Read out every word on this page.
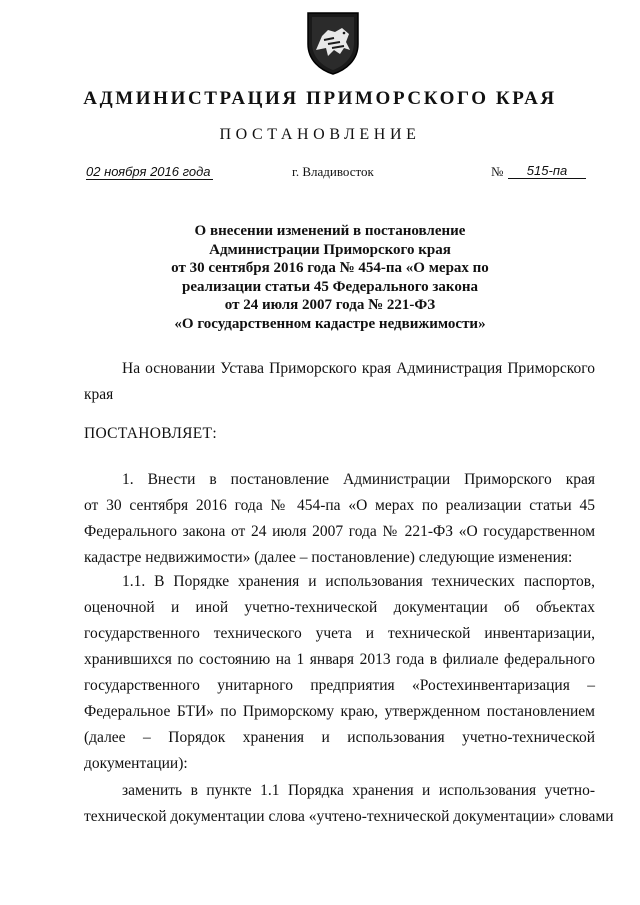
АДМИНИСТРАЦИЯ ПРИМОРСКОГО КРАЯ
ПОСТАНОВЛЕНИЕ
02 ноября 2016 года	г. Владивосток	№	515-па
О внесении изменений в постановление
Администрации Приморского края
от 30 сентября 2016 года № 454-па «О мерах по
реализации статьи 45 Федерального закона
от 24 июля 2007 года № 221-ФЗ
«О государственном кадастре недвижимости»
На основании Устава Приморского края Администрация Приморского
края
ПОСТАНОВЛЯЕТ:
1. Внести в постановление Администрации Приморского края
от 30 сентября 2016 года № 454-па «О мерах по реализации статьи 45
Федерального закона от 24 июля 2007 года № 221-ФЗ «О государственном
кадастре недвижимости» (далее – постановление) следующие изменения:
1.1. В Порядке хранения и использования технических паспортов,
оценочной и иной учетно-технической документации об объектах
государственного технического учета и технической инвентаризации,
хранившихся по состоянию на 1 января 2013 года в филиале федерального
государственного унитарного предприятия «Ростехинвентаризация –
Федеральное БТИ» по Приморскому краю, утвержденном постановлением
(далее – Порядок хранения и использования учетно-технической
документации):
заменить в пункте 1.1 Порядка хранения и использования учетно-
технической документации слова «учтено-технической документации» словами
